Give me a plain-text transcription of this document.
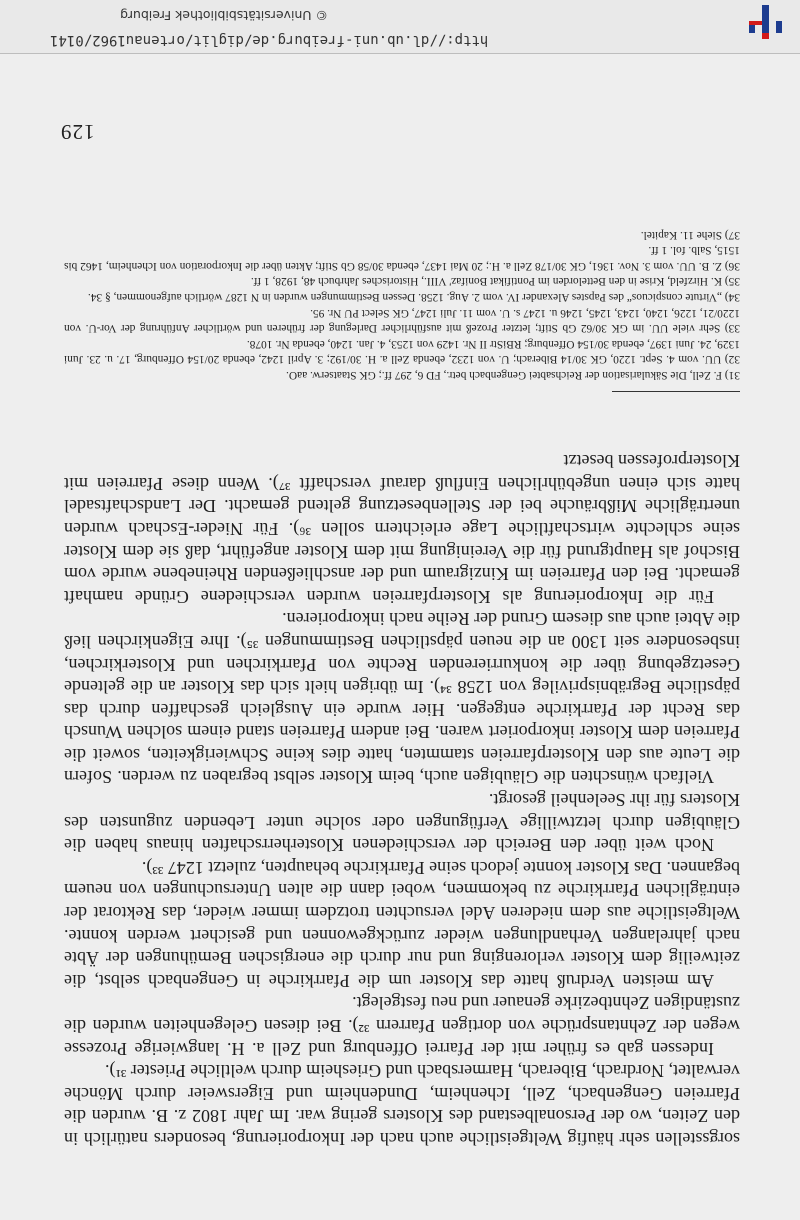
sorgsstellen sehr häufig Weltgeistliche auch nach der Inkorporierung, besonders natürlich in den Zeiten, wo der Personalbestand des Klosters gering war. Im Jahr 1802 z. B. wurden die Pfarreien Gengenbach, Zell, Ichenheim, Dundenheim und Eigersweier durch Mönche verwaltet, Nordrach, Biberach, Harmersbach und Griesheim durch weltliche Priester ³¹).

Indessen gab es früher mit der Pfarrei Offenburg und Zell a. H. langwierige Prozesse wegen der Zehntansprüche von dortigen Pfarrern ³²). Bei diesen Gelegenheiten wurden die zuständigen Zehntbezirke genauer und neu festgelegt.

Am meisten Verdruß hatte das Kloster um die Pfarrkirche in Gengenbach selbst, die zeitweilig dem Kloster verlorenging und nur durch die energischen Bemühungen der Äbte nach jahrelangen Verhandlungen wieder zurückgewonnen und gesichert werden konnte. Weltgeistliche aus dem niederen Adel versuchten trotzdem immer wieder, das Rektorat der einträglichen Pfarrkirche zu bekommen, wobei dann die alten Untersuchungen von neuem begannen. Das Kloster konnte jedoch seine Pfarrkirche behaupten, zuletzt 1247 ³³).

Noch weit über den Bereich der verschiedenen Klosterherrschaften hinaus haben die Gläubigen durch letztwillige Verfügungen oder solche unter Lebenden zugunsten des Klosters für ihr Seelenheil gesorgt.

Vielfach wünschten die Gläubigen auch, beim Kloster selbst begraben zu werden. Sofern die Leute aus den Klosterpfarreien stammten, hatte dies keine Schwierigkeiten, soweit die Pfarreien dem Kloster inkorporiert waren. Bei andern Pfarreien stand einem solchen Wunsch das Recht der Pfarrkirche entgegen. Hier wurde ein Ausgleich geschaffen durch das päpstliche Begräbnisprivileg von 1258 ³⁴). Im übrigen hielt sich das Kloster an die geltende Gesetzgebung über die konkurrierenden Rechte von Pfarrkirchen und Klosterkirchen, insbesondere seit 1300 an die neuen päpstlichen Bestimmungen ³⁵). Ihre Eigenkirchen ließ die Abtei auch aus diesem Grund der Reihe nach inkorporieren.

Für die Inkorporierung als Klosterpfarreien wurden verschiedene Gründe namhaft gemacht. Bei den Pfarreien im Kinzigraum und der anschließenden Rheinebene wurde vom Bischof als Hauptgrund für die Vereinigung mit dem Kloster angeführt, daß sie dem Kloster seine schlechte wirtschaftliche Lage erleichtern sollen ³⁶). Für Nieder-Eschach wurden unerträgliche Mißbräuche bei der Stellenbesetzung geltend gemacht. Der Landschaftsadel hatte sich einen ungebührlichen Einfluß darauf verschafft ³⁷). Wenn diese Pfarreien mit Klosterprofessen besetzt

31) F. Zell, Die Säkularisation der Reichsabtei Gengenbach betr., FD 6, 297 ff.; GK Staatserw. aaO.
32) UU. vom 4. Sept. 1220, GK 30/14 Biberach; U. von 1232, ebenda Zell a. H. 30/192; 3. April 1242, ebenda 20/154 Offenburg, 17. u. 23. Juni 1329, 24. Juni 1397, ebenda 30/154 Offenburg; RBiStr II Nr. 1429 von 1253, 4. Jan. 1240, ebenda Nr. 1078.
33) Sehr viele UU. im GK 30/62 Gb Stift; letzter Prozeß mit ausführlicher Darlegung der früheren und wörtlicher Anführung der Vor-U. von 1220/21, 1226, 1240, 1243, 1245, 1246 u. 1247 s. U. vom 11. Juli 1247, GK Select PU Nr. 95.
34) „Virtute conspicuos“ des Papstes Alexander IV. vom 2. Aug. 1258. Dessen Bestimmungen wurden in N 1287 wörtlich aufgenommen, § 34.
35) K. Hirzfeld, Krise in den Bettelorden im Pontifikat Bonifaz' VIII., Historisches Jahrbuch 48, 1928, 1 ff.
36) Z. B. UU. vom 3. Nov. 1361, GK 30/178 Zell a. H.; 20 Mai 1437, ebenda 30/58 Gb Stift; Akten über die Inkorporation von Ichenheim, 1462 bis 1515, Salb. fol. 1 ff.
37) Siehe 11. Kapitel.
129
http://dl.ub.uni-freiburg.de/diglit/ortenau1962/0141
© Universitätsbibliothek Freiburg
